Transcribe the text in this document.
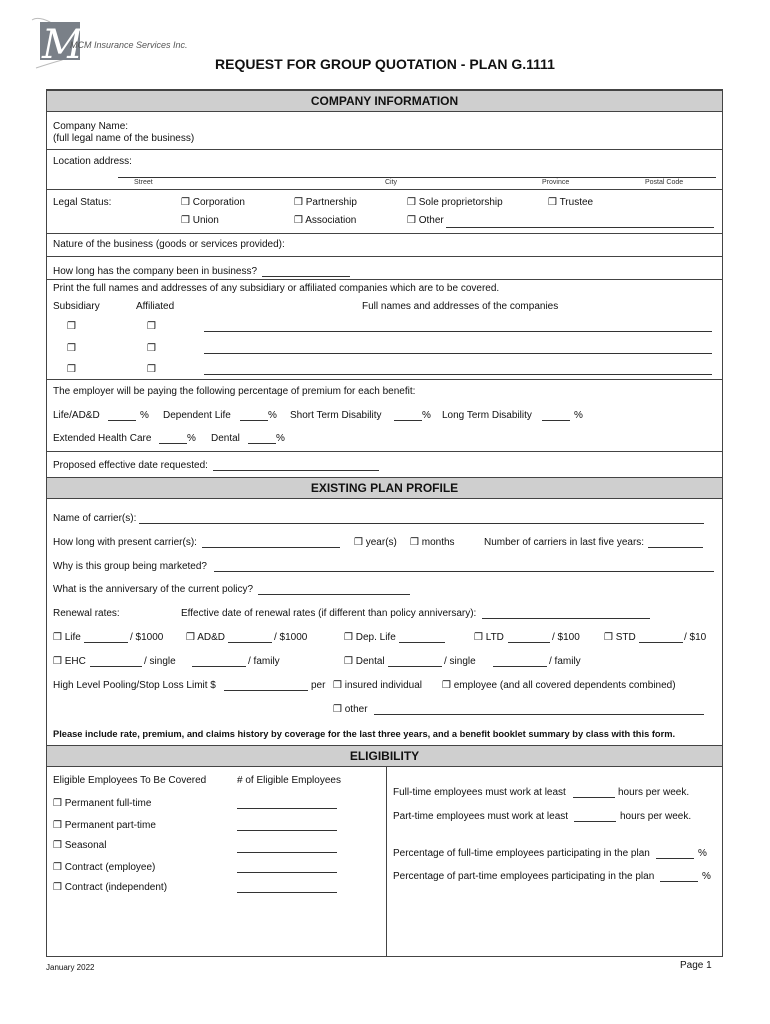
M
MCM Insurance Services Inc.
REQUEST FOR GROUP QUOTATION - PLAN G.1111
COMPANY INFORMATION
Company Name:
(full legal name of the business)
Location address:
Street	City	Province	Postal Code
Legal Status:	❒ Corporation	❒ Partnership	❒ Sole proprietorship	❒ Trustee
❒ Union	❒ Association	❒ Other
Nature of the business (goods or services provided):
How long has the company been in business?
Print the full names and addresses of any subsidiary or affiliated companies which are to be covered.
Subsidiary	Affiliated	Full names and addresses of the companies
❒	❒
❒	❒
❒	❒
The employer will be paying the following percentage of premium for each benefit:
Life/AD&D	% Dependent Life	% Short Term Disability	% Long Term Disability	%
Extended Health Care	% Dental	%
Proposed effective date requested:
EXISTING PLAN PROFILE
Name of carrier(s):
How long with present carrier(s):	❒ year(s) ❒ months	Number of carriers in last five years:
Why is this group being marketed?
What is the anniversary of the current policy?
Renewal rates:	Effective date of renewal rates (if different than policy anniversary):
❒ Life	/ $1000 ❒ AD&D	/ $1000	❒ Dep. Life	❒ LTD	/ $100 ❒ STD	/ $10
❒ EHC	/ single	/ family	❒ Dental	/ single	/ family
High Level Pooling/Stop Loss Limit $	per ❒ insured individual ❒ employee (and all covered dependents combined)
❒ other
Please include rate, premium, and claims history by coverage for the last three years, and a benefit booklet summary by class with this form.
ELIGIBILITY
Eligible Employees To Be Covered	# of Eligible Employees
❒ Permanent full-time
❒ Permanent part-time
❒ Seasonal
❒ Contract (employee)
❒ Contract (independent)
Full-time employees must work at least	hours per week.
Part-time employees must work at least	hours per week.
Percentage of full-time employees participating in the plan	%
Percentage of part-time employees participating in the plan	%
January 2022	Page 1
